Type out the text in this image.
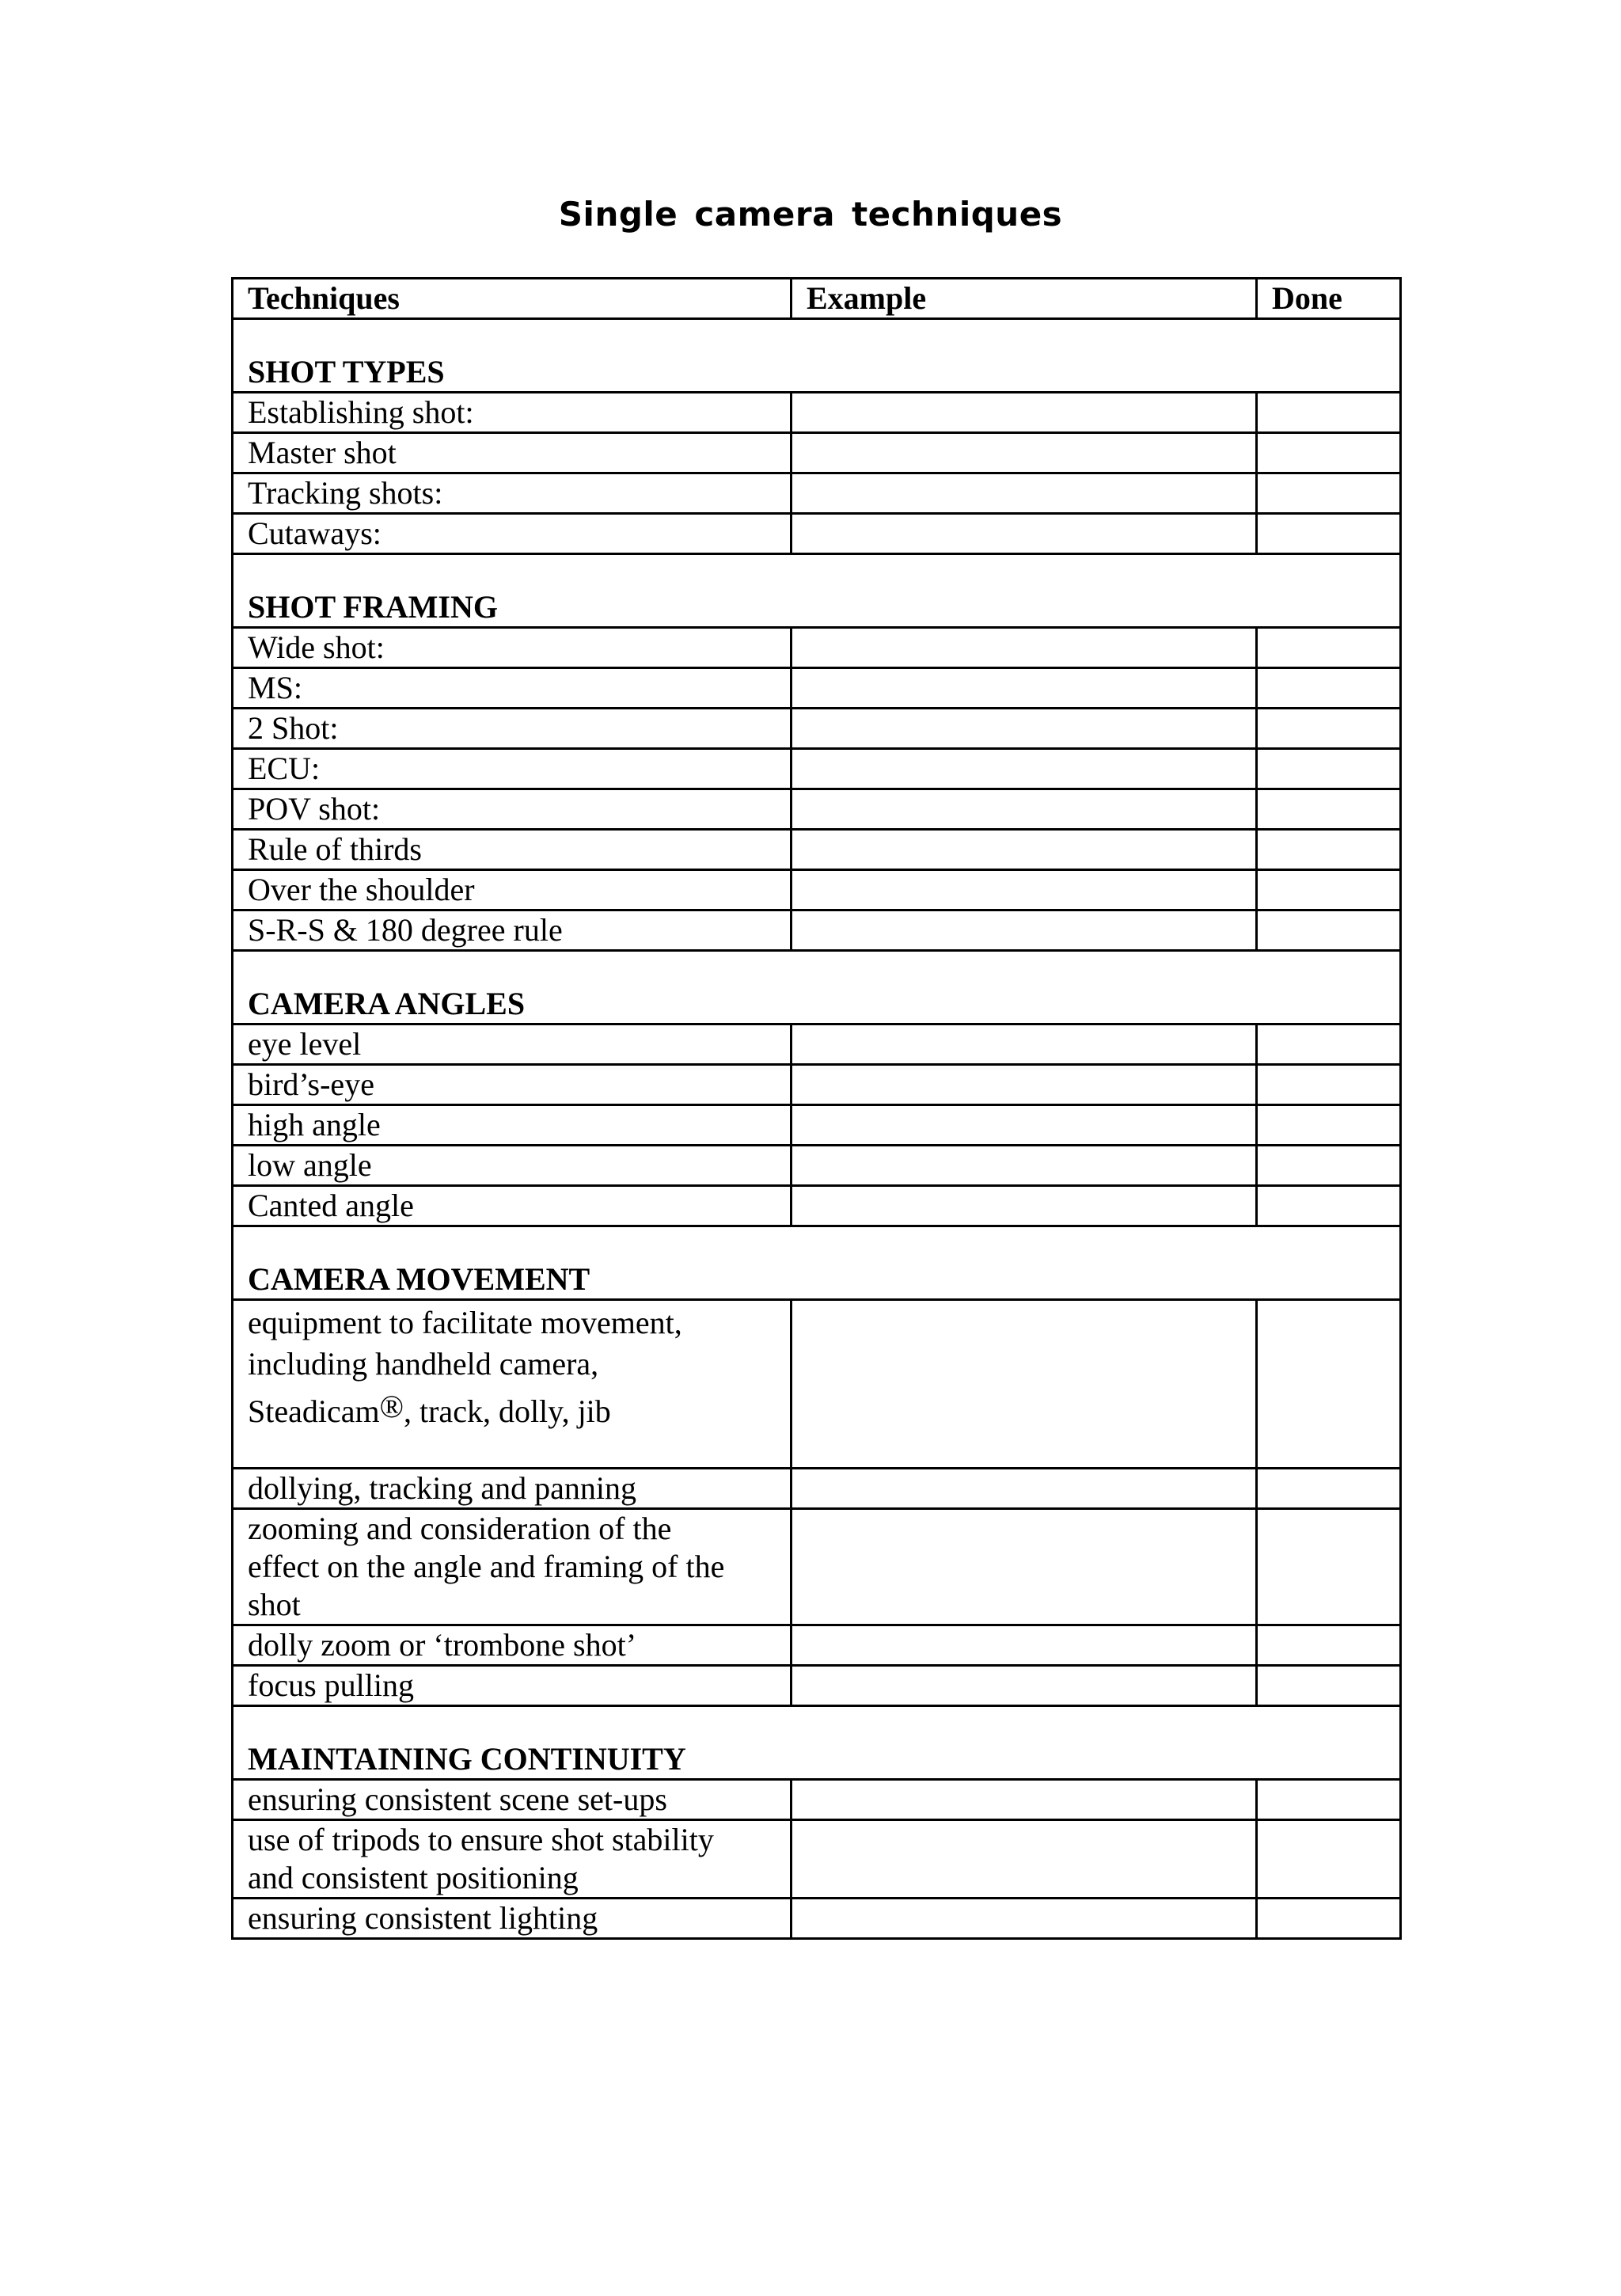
Single camera techniques
Techniques	Example	Done
SHOT TYPES		
Establishing shot:		
Master shot		
Tracking shots:		
Cutaways:		
SHOT FRAMING		
Wide shot:		
MS:		
2 Shot:		
ECU:		
POV shot:		
Rule of thirds		
Over the shoulder		
S-R-S & 180 degree rule		
CAMERA ANGLES		
eye level		
bird’s-eye		
high angle		
low angle		
Canted angle		
CAMERA MOVEMENT		

equipment to facilitate movement,
including handheld camera,
Steadicam®, track, dolly, jib		

dollying, tracking and panning		

zooming and consideration of the
effect on the angle and framing of the
shot		

dolly zoom or ‘trombone shot’		
focus pulling		
MAINTAINING CONTINUITY		
ensuring consistent scene set-ups		

use of tripods to ensure shot stability
and consistent positioning		

ensuring consistent lighting		
